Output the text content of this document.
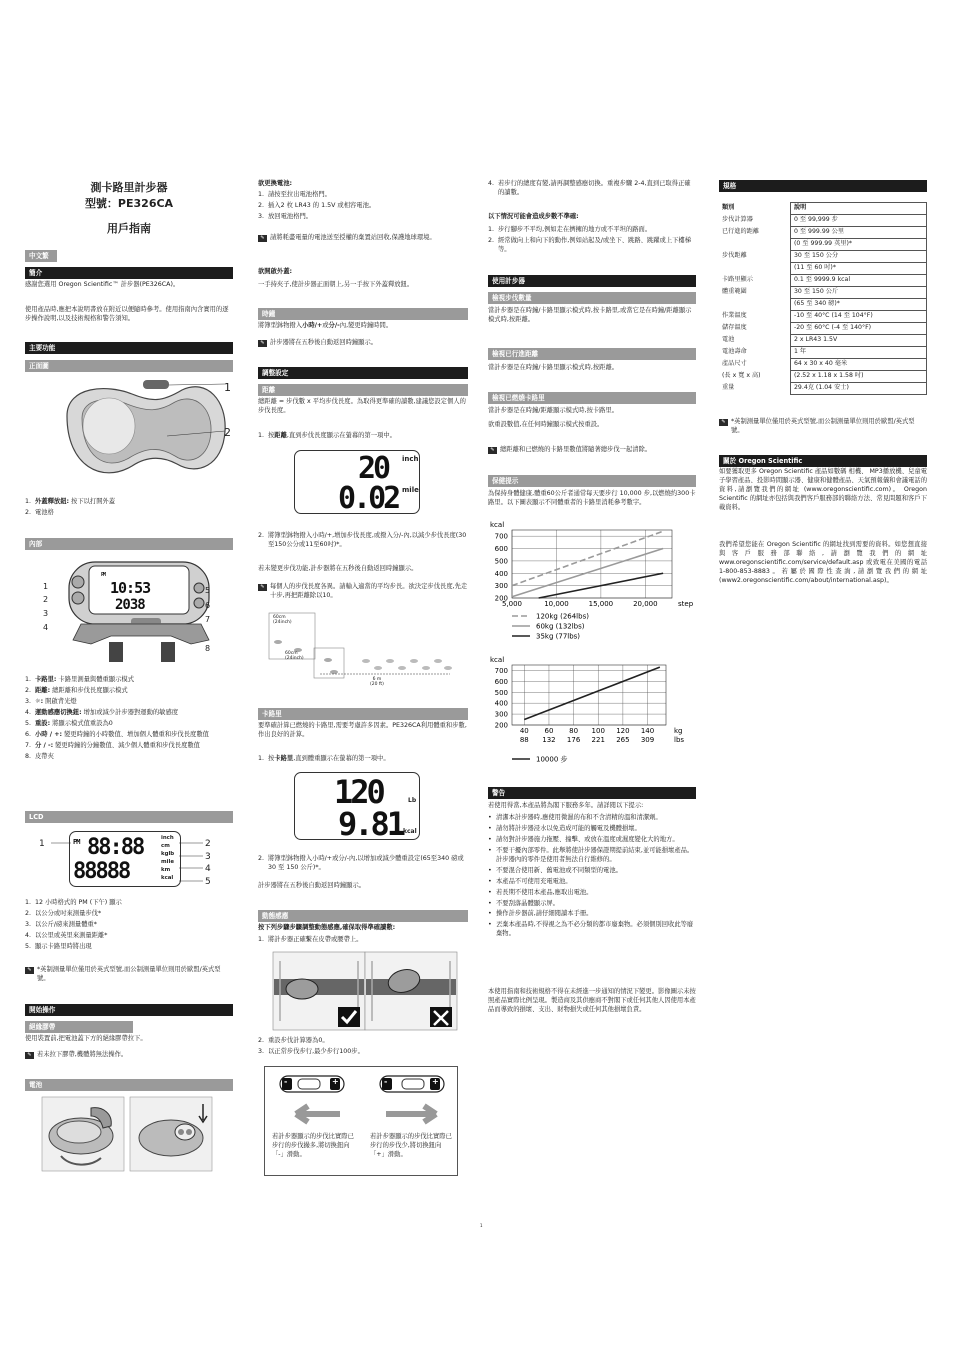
測卡路里計步器
型號：PE326CA
用戶指南
中文繁
簡介
感謝您選用 Oregon Scientific™ 計步器(PE326CA)。
使用產品時,應把本說明書放在附近以便隨時參考。使用指南內含實用的逐步操作說明,以及技術規格和警告須知。
主要功能
正面圖
1
2
1. 外蓋釋放鈕: 按下以打開外蓋
2. 電池格
內部
PM
10:53
2038
1
2
3
4
5
6
7
8
1. 卡路里: 卡路里測量與體重顯示模式
2. 距離: 總距離和步伐長度顯示模式
3. ☼: 開啟背光燈
4. 運動感應切換鈕: 增加或減少計步器對運動的敏感度
5. 重設: 將顯示模式值重設為0
6. 小時 / +: 變更時鐘的小時數值、增加個人體重和步伐長度數值
7. 分 / -: 變更時鐘的分鐘數值、減少個人體重和步伐長度數值
8. 皮帶夾
LCD
PM 88:88
88888
inch
cm
kglb
mile
km
kcal
1	2
3
4
5
1. 12 小時格式的 PM (下午) 顯示
2. 以公分或吋來測量步伐*
3. 以公斤/磅來測量體重*
4. 以公里或英里來測量距離*
5. 顯示卡路里時將出現
✎ *英制測量單位僅用於英式型號,而公制測量單位則用於歐盟/英式型號。
開始操作
絕緣膠帶
使用裝置前,把電池蓋下方的絕緣膠帶拉下。
✎ 若未拉下膠帶,機體將無法操作。
電池
欲更換電池:
1. 請按至拉出電池格門。
2. 插入2 枚 LR43 的 1.5V 或相容電池。
3. 放回電池格門。
✎ 請將耗盡電量的電池送至授權的棄置站回收,保護地球環境。
欲開啟外蓋:
一手持夾子,使計步器正面朝上,另一手按下外蓋釋放鈕。
時鐘
將簿型鉢物撥入小時/+或分/-內,變更時鐘時間。
✎ 計步器將在五秒後自動返回時鐘顯示。
調整設定
距離
總距離 = 步伐數 x 平均步伐長度。為取得更準確的讀數,建議您設定個人的步伐長度。
1. 按距離,直到步伐長度顯示在螢幕的第一項中。
20 inch
0.02 mile
2. 將簿型鉢物撥入小時/+,增加步伐長度,或撥入分/-內,以減少步伐長度(30至150公分或11至60吋)*。
若未變更步伐功能,計步器將在五秒後自動返回時鐘顯示。
✎ 每個人的步伐長度各異。請輸入適當的平均步長。欲決定步伐長度,先走十步,再把距離除以10。
60cm
(24inch)
60cm
(24inch)
6 m
(20 ft)
卡路里
要準確計算已燃燒的卡路里,需要考慮許多因素。PE326CA利用體重和步數,作出良好的計算。
1. 按卡路里,直到體重顯示在螢幕的第一項中。
120	Lb
9.81 kcal
2. 將簿型鉢物撥入小時/+或分/-內,以增加或減少體重設定(65至340 磅或 30 至 150 公斤)*。
計步器將在五秒後自動返回時鐘顯示。
動態感應
按下列步驟步驟調整動態感應,確保取得準確讀數:
1. 將計步器正確繫在皮帶或腰帶上。
2. 重設步伐計算器為0。
3. 以正常步伐步行,最少步行100步。
-	+	-	+
若計步器顯示的步伐比實際已步行的步伐撮多,將切換鈕向「-」滑動。
若計步器顯示的步伐比實際已步行的步伐少,將切換鈕向「+」滑動。
4. 若步行的總度有變,請再調整感應切換。重複步驟 2-4,直到已取得正確的讀數。
以下情況可能會造成步數不準確:
1. 步行腳步不平均,例如走在擠擁的地方或不平坦的路面。
2. 經常做向上和向下的動作,例如站起及/或坐下、跳路、跳躍或上下樓梯等。
使用計步器
檢視步伐數量
當計步器是在時鐘/卡路里顯示模式時,按卡路里,或當它是在時鐘/距離顯示模式時,按距離。
檢視已行進距離
當計步器是在時鐘/卡路里顯示模式時,按距離。
檢視已燃燒卡路里
當計步器是在時鐘/距離顯示模式時,按卡路里。
欲重設數值,在任何時鐘顯示模式按重設。
✎ 總距離和已燃燒的卡路里數值將隨著總步伐一起清除。
保健提示
為保持身體健康,體重60公斤者通常每天要步行 10,000 步,以燃燒約300卡路里。以下圖表顯示不同體重者的卡路里消耗參考數字。
kcal
700
600
500
400
300
200
5,000	10,000	15,000	20,000	step
120kg (264lbs)
60kg (132lbs)
35kg (77lbs)
kcal
700
600
500
400
300
200
40 60 80 100 120 140
88 132 176 221 265 309
kg
lbs
10000 步
警告
若使用得當,本產品將為閣下服務多年。請詳閱以下提示:
• 清潔本計步器時,應使用微濕的布和不含清精的溫和清潔劑。
• 請勿將計步器浸水以免造成可能的觸電及機體損壞。
• 請勿對計步器施力拖壓、撞擊、或放在溫度或濕度變化大的地方。
• 不要干擾內部零件。此舉將使計步器保證期提前結束,並可能損壞產品。計步器內的零件是使用者無法自行維修的。
• 不要混合使用新、舊電池或不同類型的電池。
• 本產品不可使用充電電池。
• 若長期不使用本產品,應取出電池。
• 不要刮落晶體顯示屏。
• 操作計步器前,請仔細閱讀本手冊。
• 丟棄本產品時,不得視之為不必分類的都市廢棄物。必須個別回收此等廢棄物。
本使用指南和技術規格不得在未經進一步通知的情況下變更。影像圖示未按照產品實際比例呈現。製造商及其供應商不對閣下或任何其他人因使用本產品而導致的損壞、支出、財物損失或任何其他損壞負責。
1
規格
類別	說明
步伐計算器	0 至 99,999 步
已行進的距離	0 至 999.99 公里
	(0 至 999.99 英里)*
步伐距離	30 至 150 公分
	(11 至 60 吋)*
卡路里顯示	0.1 至 9999.9 kcal
體重範圍	30 至 150 公斤
	(65 至 340 磅)*
作業溫度	-10 至 40°C (14 至 104°F)
儲存溫度	-20 至 60°C (-4 至 140°F)
電池	2 x LR43 1.5V
電池壽命	1 年
產品尺寸	64 x 30 x 40 毫米
(長 x 寬 x 高)	(2.52 x 1.18 x 1.58 吋)
重量	29.4克 (1.04 安士)
✎ *英制測量單位僅用於英式型號,而公制測量單位則用於歐盟/英式型號。
關於 Oregon Scientific
如要獲取更多 Oregon Scientific 產品如數碼 相機、 MP3播放機、兒童電子學習產品、投影時間顯示器、健康和健體產品、天氣預報儀和會議電話的資料,請瀏覽我們的網址 (www.oregonscientific.com)。 Oregon Scientific 的網址亦包括與我們客戶服務部的聯絡方法、常見問題和客戶下載資料。
我們希望您能在 Oregon Scientific 的網址找到需要的資料。如您想直接與客戶服務部聯絡,請瀏覽我們的網址 www.oregonscientific.com/service/default.asp 或致電在美國的電話1-800-853-8883。若屬於國際性查詢,請瀏覽我們的網址(www2.oregonscientific.com/about/international.asp)。
